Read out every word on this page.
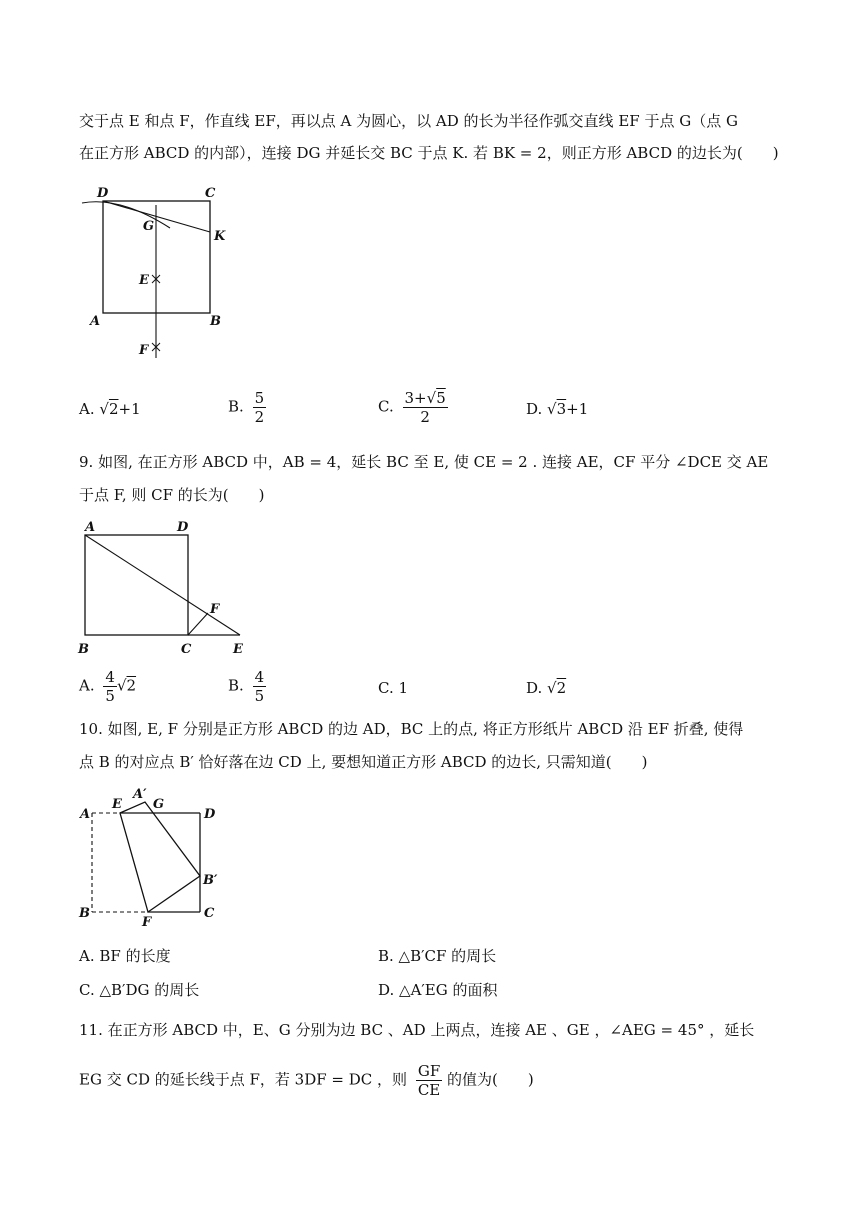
交于点 E 和点 F，作直线 EF，再以点 A 为圆心，以 AD 的长为半径作弧交直线 EF 于点 G（点 G
在正方形 ABCD 的内部），连接 DG 并延长交 BC 于点 K. 若 BK = 2，则正方形 ABCD 的边长为(　　)
D	C
G
K
E
A	B
F
A. √2+1	B. $\frac{5}{2}$	C. $\frac{3+√5}{2}$	D. √3+1
9. 如图, 在正方形 ABCD 中，AB = 4，延长 BC 至 E, 使 CE = 2 . 连接 AE，CF 平分 ∠DCE 交 AE
于点 F, 则 CF 的长为(　　)
A	D
B	C	E
F
A. $\frac{4}{5} √2$	B. $\frac{4}{5}$	C. 1	D. √2
10. 如图, E, F 分别是正方形 ABCD 的边 AD，BC 上的点, 将正方形纸片 ABCD 沿 EF 折叠, 使得
点 B 的对应点 B′ 恰好落在边 CD 上, 要想知道正方形 ABCD 的边长, 只需知道(　　)
A
E
A′
G
D
B′
B
F
C
A. BF 的长度	B. △B′CF 的周长
C. △B′DG 的周长	D. △A′EG 的面积
11. 在正方形 ABCD 中，E、G 分别为边 BC 、AD 上两点，连接 AE 、GE ，∠AEG = 45° ，延长
EG 交 CD 的延长线于点 F，若 3DF = DC ，则 $\frac{GF}{CE}$ 的值为(　　)
